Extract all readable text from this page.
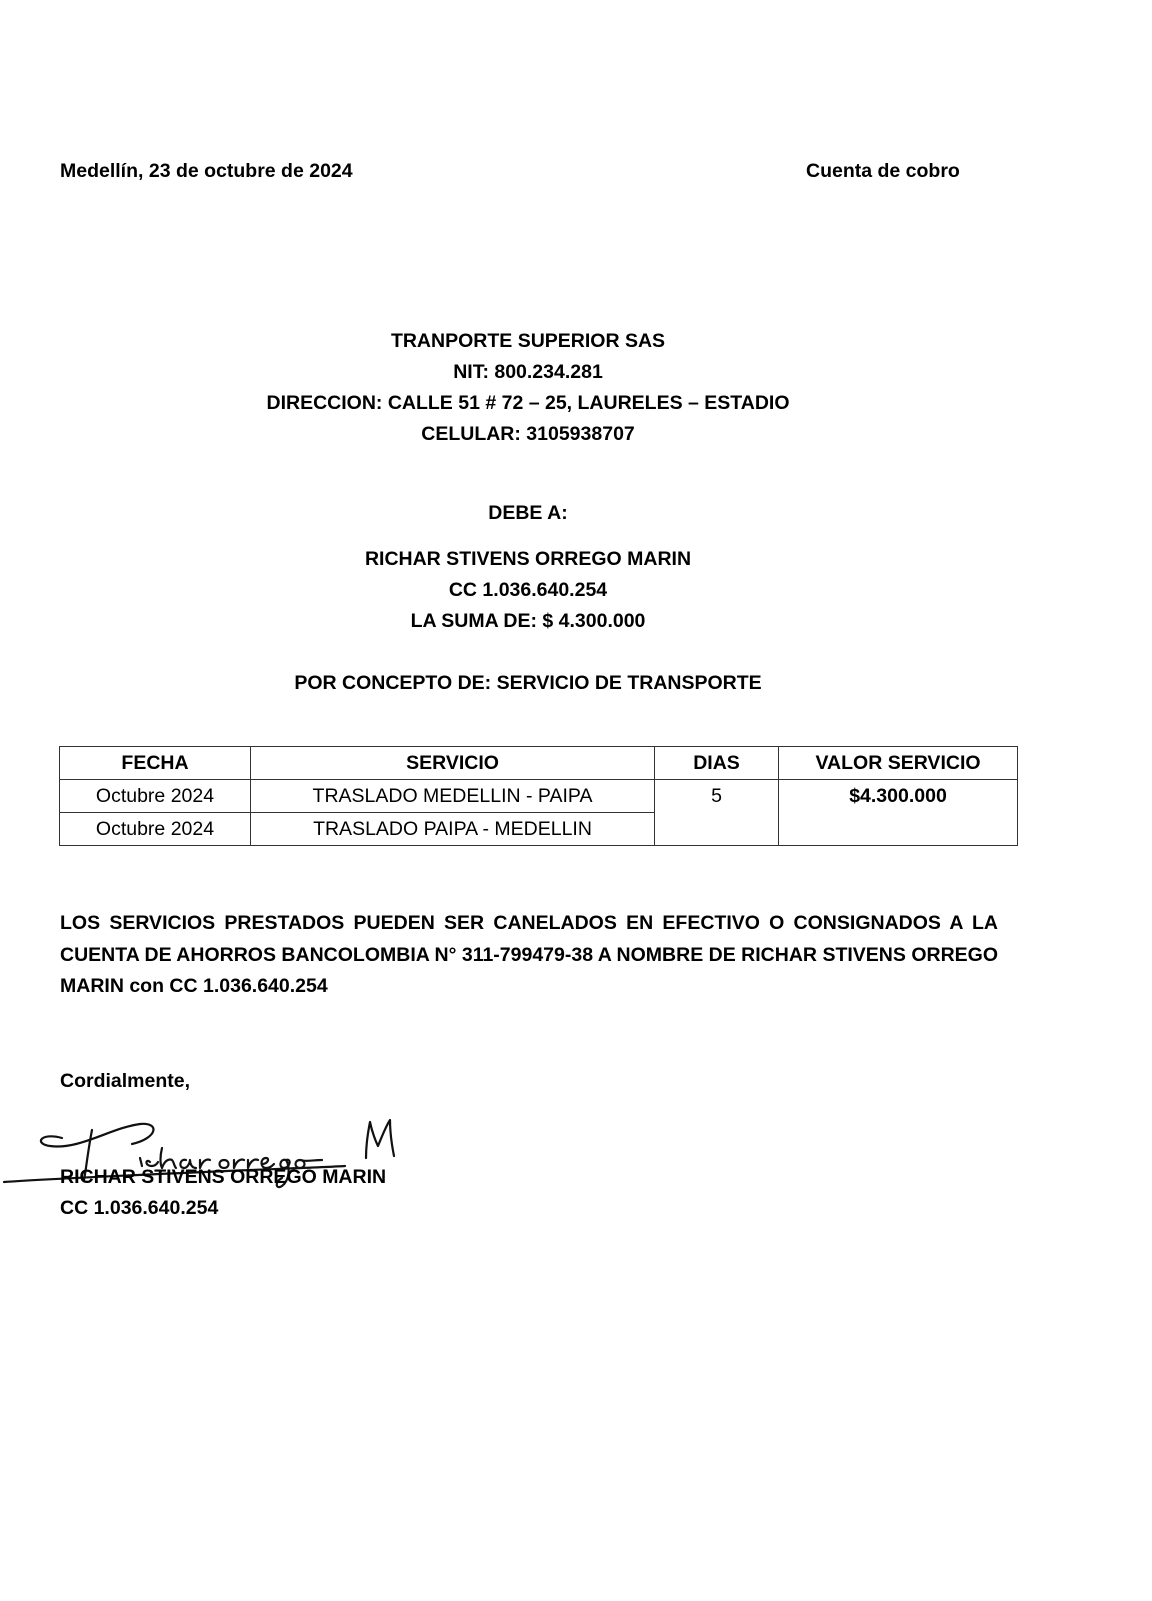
Medellín, 23 de octubre de 2024	Cuenta de cobro
TRANPORTE SUPERIOR SAS
NIT: 800.234.281
DIRECCION: CALLE 51 # 72 – 25, LAURELES – ESTADIO
CELULAR: 3105938707
DEBE A:
RICHAR STIVENS ORREGO MARIN
CC 1.036.640.254
LA SUMA DE: $ 4.300.000
POR CONCEPTO DE: SERVICIO DE TRANSPORTE
FECHA	SERVICIO	DIAS	VALOR SERVICIO
Octubre 2024	TRASLADO MEDELLIN - PAIPA	5	$4.300.000
Octubre 2024	TRASLADO PAIPA - MEDELLIN		
LOS SERVICIOS PRESTADOS PUEDEN SER CANELADOS EN EFECTIVO O CONSIGNADOS A LA CUENTA DE AHORROS BANCOLOMBIA N° 311-799479-38 A NOMBRE DE RICHAR STIVENS ORREGO MARIN con CC 1.036.640.254
Cordialmente,
RICHAR STIVENS ORREGO MARIN
CC 1.036.640.254
